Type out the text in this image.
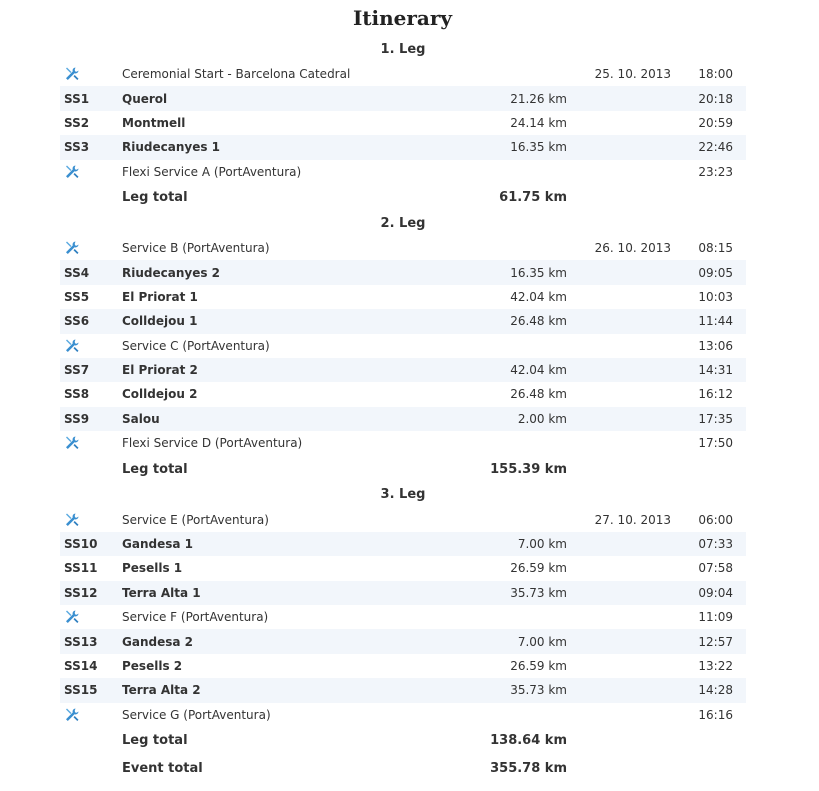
Itinerary
1. Leg
Ceremonial Start - Barcelona Catedral	25. 10. 2013	18:00
SS1	Querol	21.26 km	20:18
SS2	Montmell	24.14 km	20:59
SS3	Riudecanyes 1	16.35 km	22:46
Flexi Service A (PortAventura)	23:23
Leg total	61.75 km
2. Leg
Service B (PortAventura)	26. 10. 2013	08:15
SS4	Riudecanyes 2	16.35 km	09:05
SS5	El Priorat 1	42.04 km	10:03
SS6	Colldejou 1	26.48 km	11:44
Service C (PortAventura)	13:06
SS7	El Priorat 2	42.04 km	14:31
SS8	Colldejou 2	26.48 km	16:12
SS9	Salou	2.00 km	17:35
Flexi Service D (PortAventura)	17:50
Leg total	155.39 km
3. Leg
Service E (PortAventura)	27. 10. 2013	06:00
SS10	Gandesa 1	7.00 km	07:33
SS11	Pesells 1	26.59 km	07:58
SS12	Terra Alta 1	35.73 km	09:04
Service F (PortAventura)	11:09
SS13	Gandesa 2	7.00 km	12:57
SS14	Pesells 2	26.59 km	13:22
SS15	Terra Alta 2	35.73 km	14:28
Service G (PortAventura)	16:16
Leg total	138.64 km
Event total	355.78 km
